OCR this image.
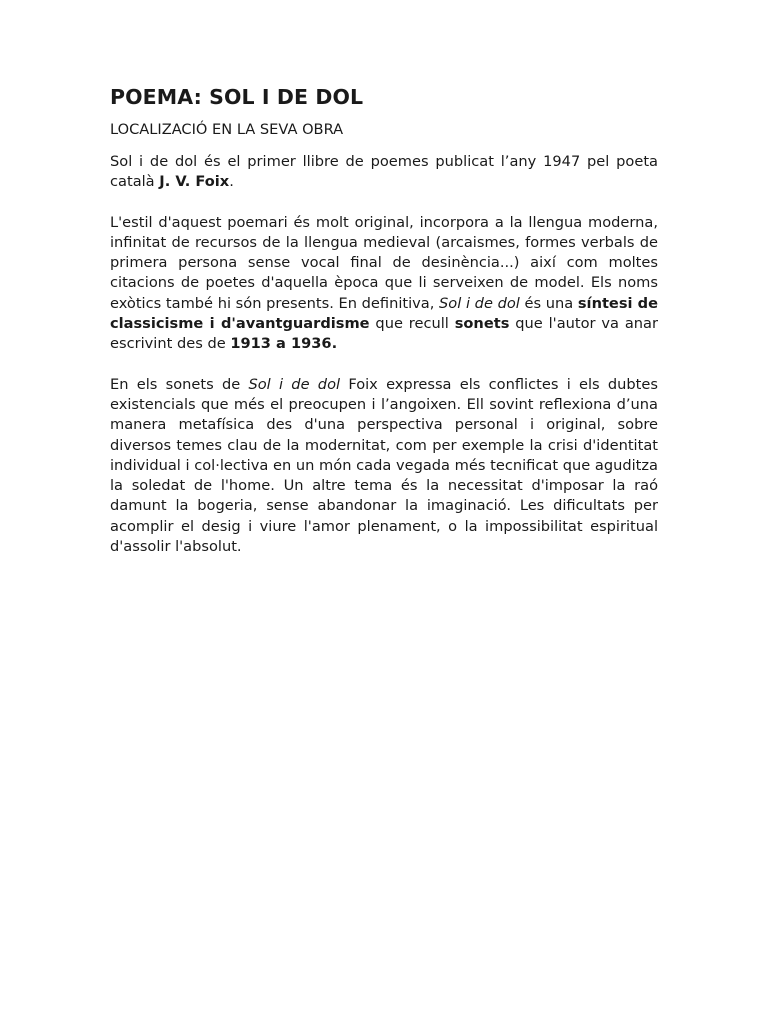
POEMA: SOL I DE DOL
LOCALIZACIÓ EN LA SEVA OBRA

Sol i de dol és el primer llibre de poemes publicat l’any 1947 pel poeta català J. V. Foix.

L'estil d'aquest poemari és molt original, incorpora a la llengua moderna, infinitat de recursos de la llengua medieval (arcaismes, formes verbals de primera persona sense vocal final de desinència...) així com moltes citacions de poetes d'aquella època que li serveixen de model. Els noms exòtics també hi són presents. En definitiva, Sol i de dol és una síntesi de classicisme i d'avantguardisme que recull sonets que l'autor va anar escrivint des de 1913 a 1936.

En els sonets de Sol i de dol Foix expressa els conflictes i els dubtes existencials que més el preocupen i l’angoixen. Ell sovint reflexiona d’una manera metafísica des d'una perspectiva personal i original, sobre diversos temes clau de la modernitat, com per exemple la crisi d'identitat individual i col·lectiva en un món cada vegada més tecnificat que aguditza la soledat de l'home. Un altre tema és la necessitat d'imposar la raó damunt la bogeria, sense abandonar la imaginació. Les dificultats per acomplir el desig i viure l'amor plenament, o la impossibilitat espiritual d'assolir l'absolut.
